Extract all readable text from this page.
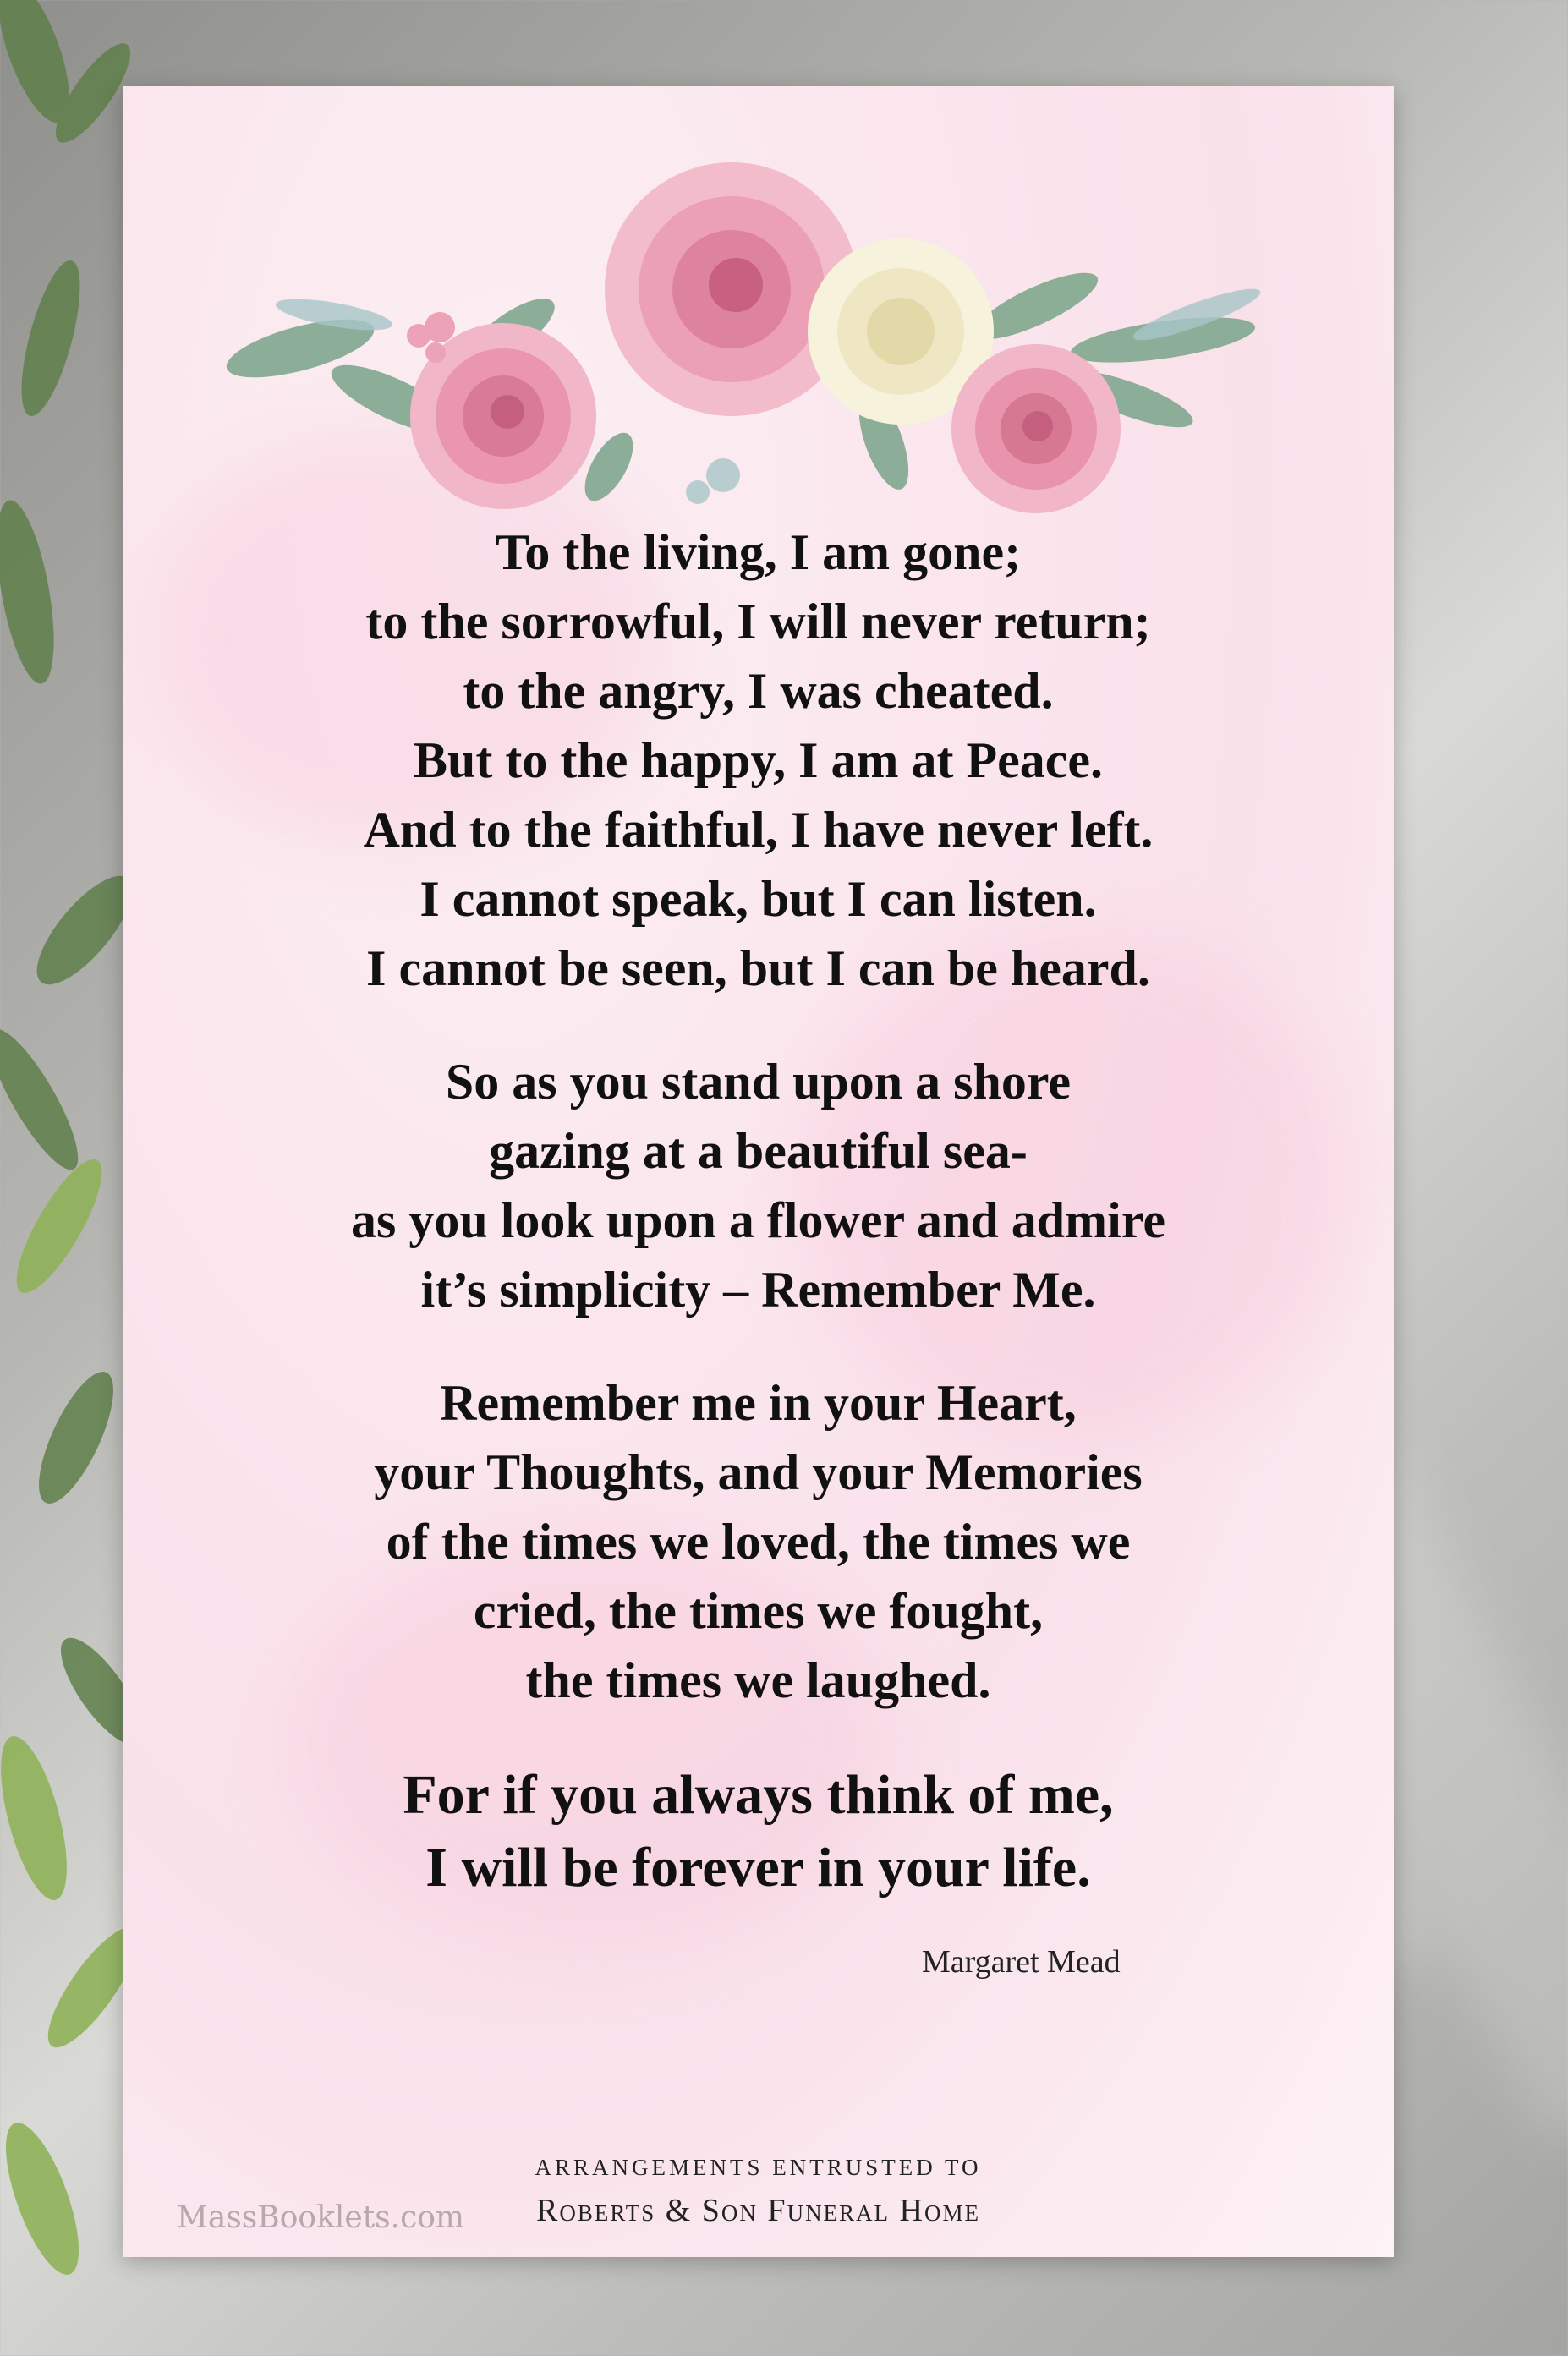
To the living, I am gone;
to the sorrowful, I will never return;
to the angry, I was cheated.
But to the happy, I am at Peace.
And to the faithful, I have never left.
I cannot speak, but I can listen.
I cannot be seen, but I can be heard.
So as you stand upon a shore
gazing at a beautiful sea-
as you look upon a flower and admire
it’s simplicity – Remember Me.
Remember me in your Heart,
your Thoughts, and your Memories
of the times we loved, the times we
cried, the times we fought,
the times we laughed.
For if you always think of me,
I will be forever in your life.
Margaret Mead
ARRANGEMENTS ENTRUSTED TO
Roberts & Son Funeral Home
MassBooklets.com
